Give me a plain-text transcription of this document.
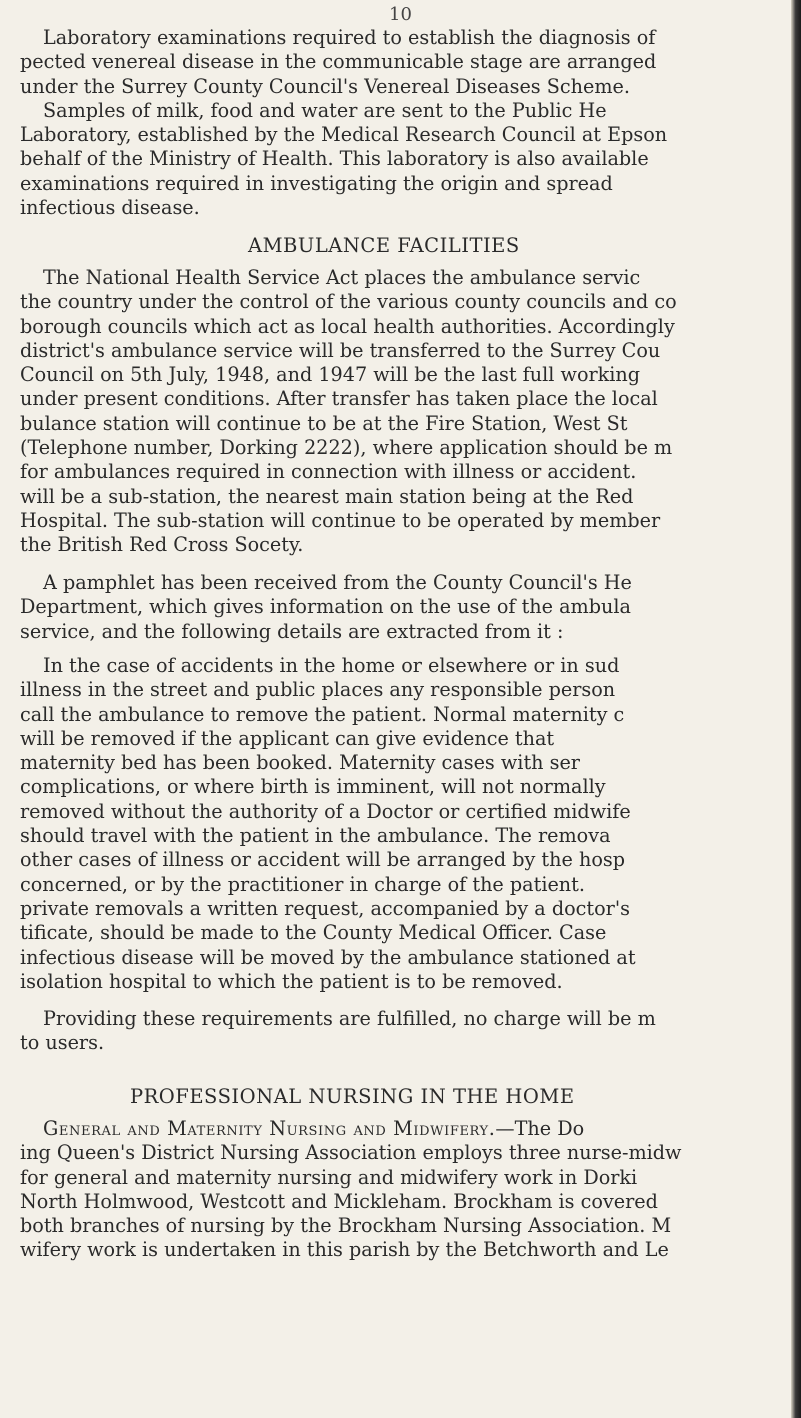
10
Laboratory examinations required to establish the diagnosis of
pected venereal disease in the communicable stage are arranged
under the Surrey County Council's Venereal Diseases Scheme.
Samples of milk, food and water are sent to the Public He
Laboratory, established by the Medical Research Council at Epson
behalf of the Ministry of Health. This laboratory is also available
examinations required in investigating the origin and spread
infectious disease.
AMBULANCE FACILITIES
The National Health Service Act places the ambulance servic
the country under the control of the various county councils and co
borough councils which act as local health authorities. Accordingly
district's ambulance service will be transferred to the Surrey Cou
Council on 5th July, 1948, and 1947 will be the last full working
under present conditions. After transfer has taken place the local
bulance station will continue to be at the Fire Station, West St
(Telephone number, Dorking 2222), where application should be m
for ambulances required in connection with illness or accident.
will be a sub-station, the nearest main station being at the Red
Hospital. The sub-station will continue to be operated by member
the British Red Cross Socety.
A pamphlet has been received from the County Council's He
Department, which gives information on the use of the ambula
service, and the following details are extracted from it :
In the case of accidents in the home or elsewhere or in sud
illness in the street and public places any responsible person
call the ambulance to remove the patient. Normal maternity c
will be removed if the applicant can give evidence that
maternity bed has been booked. Maternity cases with ser
complications, or where birth is imminent, will not normally
removed without the authority of a Doctor or certified midwife
should travel with the patient in the ambulance. The remova
other cases of illness or accident will be arranged by the hosp
concerned, or by the practitioner in charge of the patient.
private removals a written request, accompanied by a doctor's
tificate, should be made to the County Medical Officer. Case
infectious disease will be moved by the ambulance stationed at
isolation hospital to which the patient is to be removed.
Providing these requirements are fulfilled, no charge will be m
to users.
PROFESSIONAL NURSING IN THE HOME
General and Maternity Nursing and Midwifery.—The Do
ing Queen's District Nursing Association employs three nurse-midw
for general and maternity nursing and midwifery work in Dorki
North Holmwood, Westcott and Mickleham. Brockham is covered
both branches of nursing by the Brockham Nursing Association. M
wifery work is undertaken in this parish by the Betchworth and Le
